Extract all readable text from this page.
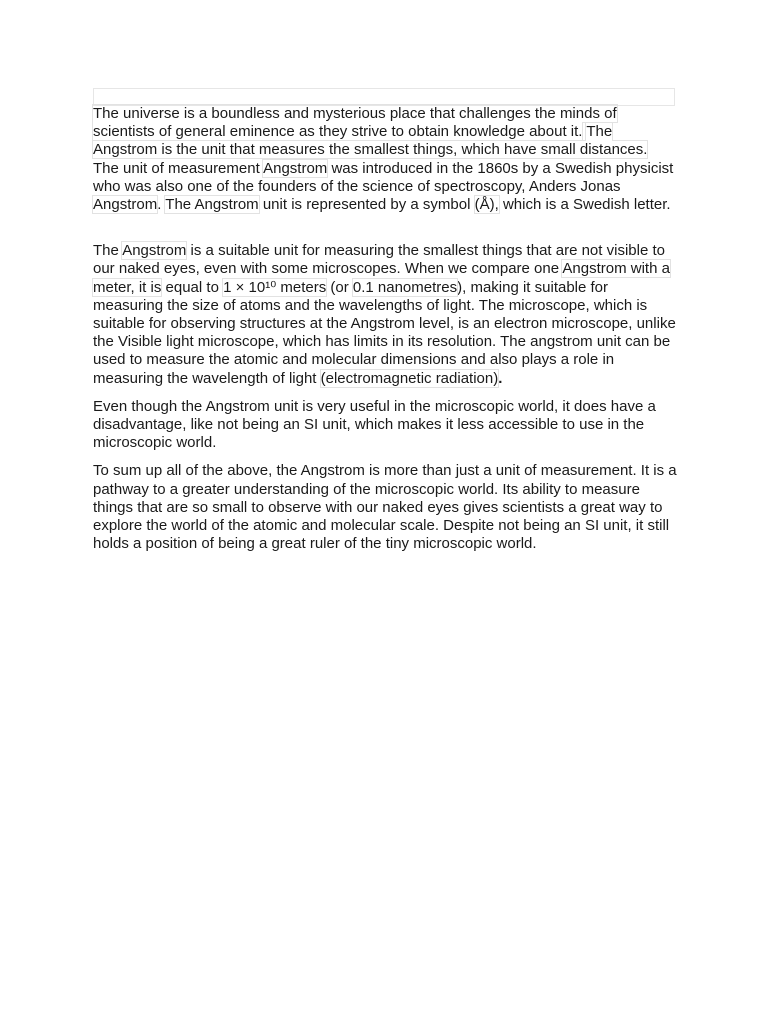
The universe is a boundless and mysterious place that challenges the minds of scientists of general eminence as they strive to obtain knowledge about it. The Angstrom is the unit that measures the smallest things, which have small distances. The unit of measurement Angstrom was introduced in the 1860s by a Swedish physicist who was also one of the founders of the science of spectroscopy, Anders Jonas Angstrom. The Angstrom unit is represented by a symbol (Å), which is a Swedish letter.

The Angstrom is a suitable unit for measuring the smallest things that are not visible to our naked eyes, even with some microscopes. When we compare one Angstrom with a meter, it is equal to 1 × 10¹⁰ meters (or 0.1 nanometres), making it suitable for measuring the size of atoms and the wavelengths of light. The microscope, which is suitable for observing structures at the Angstrom level, is an electron microscope, unlike the Visible light microscope, which has limits in its resolution. The angstrom unit can be used to measure the atomic and molecular dimensions and also plays a role in measuring the wavelength of light (electromagnetic radiation).

Even though the Angstrom unit is very useful in the microscopic world, it does have a disadvantage, like not being an SI unit, which makes it less accessible to use in the microscopic world.

To sum up all of the above, the Angstrom is more than just a unit of measurement. It is a pathway to a greater understanding of the microscopic world. Its ability to measure things that are so small to observe with our naked eyes gives scientists a great way to explore the world of the atomic and molecular scale. Despite not being an SI unit, it still holds a position of being a great ruler of the tiny microscopic world.
